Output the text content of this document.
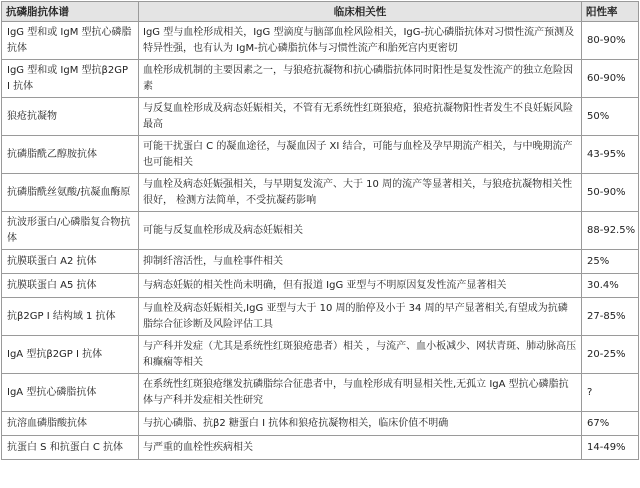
抗磷脂抗体谱	临床相关性	阳性率
IgG 型和或 IgM 型抗心磷脂抗体	IgG 型与血栓形成相关，IgG 型滴度与脑部血栓风险相关，IgG-抗心磷脂抗体对习惯性流产预测及特异性强，也有认为 IgM-抗心磷脂抗体与习惯性流产和胎死宫内更密切	80-90%
IgG 型和或 IgM 型抗β2GP I 抗体	血栓形成机制的主要因素之一，与狼疮抗凝物和抗心磷脂抗体同时阳性是复发性流产的独立危险因素	60-90%
狼疮抗凝物	与反复血栓形成及病态妊娠相关，不管有无系统性红斑狼疮，狼疮抗凝物阳性者发生不良妊娠风险最高	50%
抗磷脂酰乙醇胺抗体	可能干扰蛋白 C 的凝血途径，与凝血因子 XI 结合，可能与血栓及孕早期流产相关，与中晚期流产也可能相关	43-95%
抗磷脂酰丝氨酸/抗凝血酶原	与血栓及病态妊娠强相关，与早期复发流产、大于 10 周的流产等显著相关，与狼疮抗凝物相关性很好， 检测方法简单，不受抗凝药影响	50-90%
抗波形蛋白/心磷脂复合物抗体	可能与反复血栓形成及病态妊娠相关	88-92.5%
抗膜联蛋白 A2 抗体	抑制纤溶活性，与血栓事件相关	25%
抗膜联蛋白 A5 抗体	与病态妊娠的相关性尚未明确，但有报道 IgG 亚型与不明原因复发性流产显著相关	30.4%
抗β2GP I 结构域 1 抗体	与血栓及病态妊娠相关,IgG 亚型与大于 10 周的胎停及小于 34 周的早产显著相关,有望成为抗磷脂综合征诊断及风险评估工具	27-85%
IgA 型抗β2GP I 抗体	与产科并发症（尤其是系统性红斑狼疮患者）相关 ，与流产、血小板减少、网状青斑、肺动脉高压和癫痫等相关	20-25%
IgA 型抗心磷脂抗体	在系统性红斑狼疮继发抗磷脂综合征患者中，与血栓形成有明显相关性,无孤立 IgA 型抗心磷脂抗体与产科并发症相关性研究	?
抗溶血磷脂酸抗体	与抗心磷脂、抗β2 糖蛋白 I 抗体和狼疮抗凝物相关，临床价值不明确	67%
抗蛋白 S 和抗蛋白 C 抗体	与严重的血栓性疾病相关	14-49%
